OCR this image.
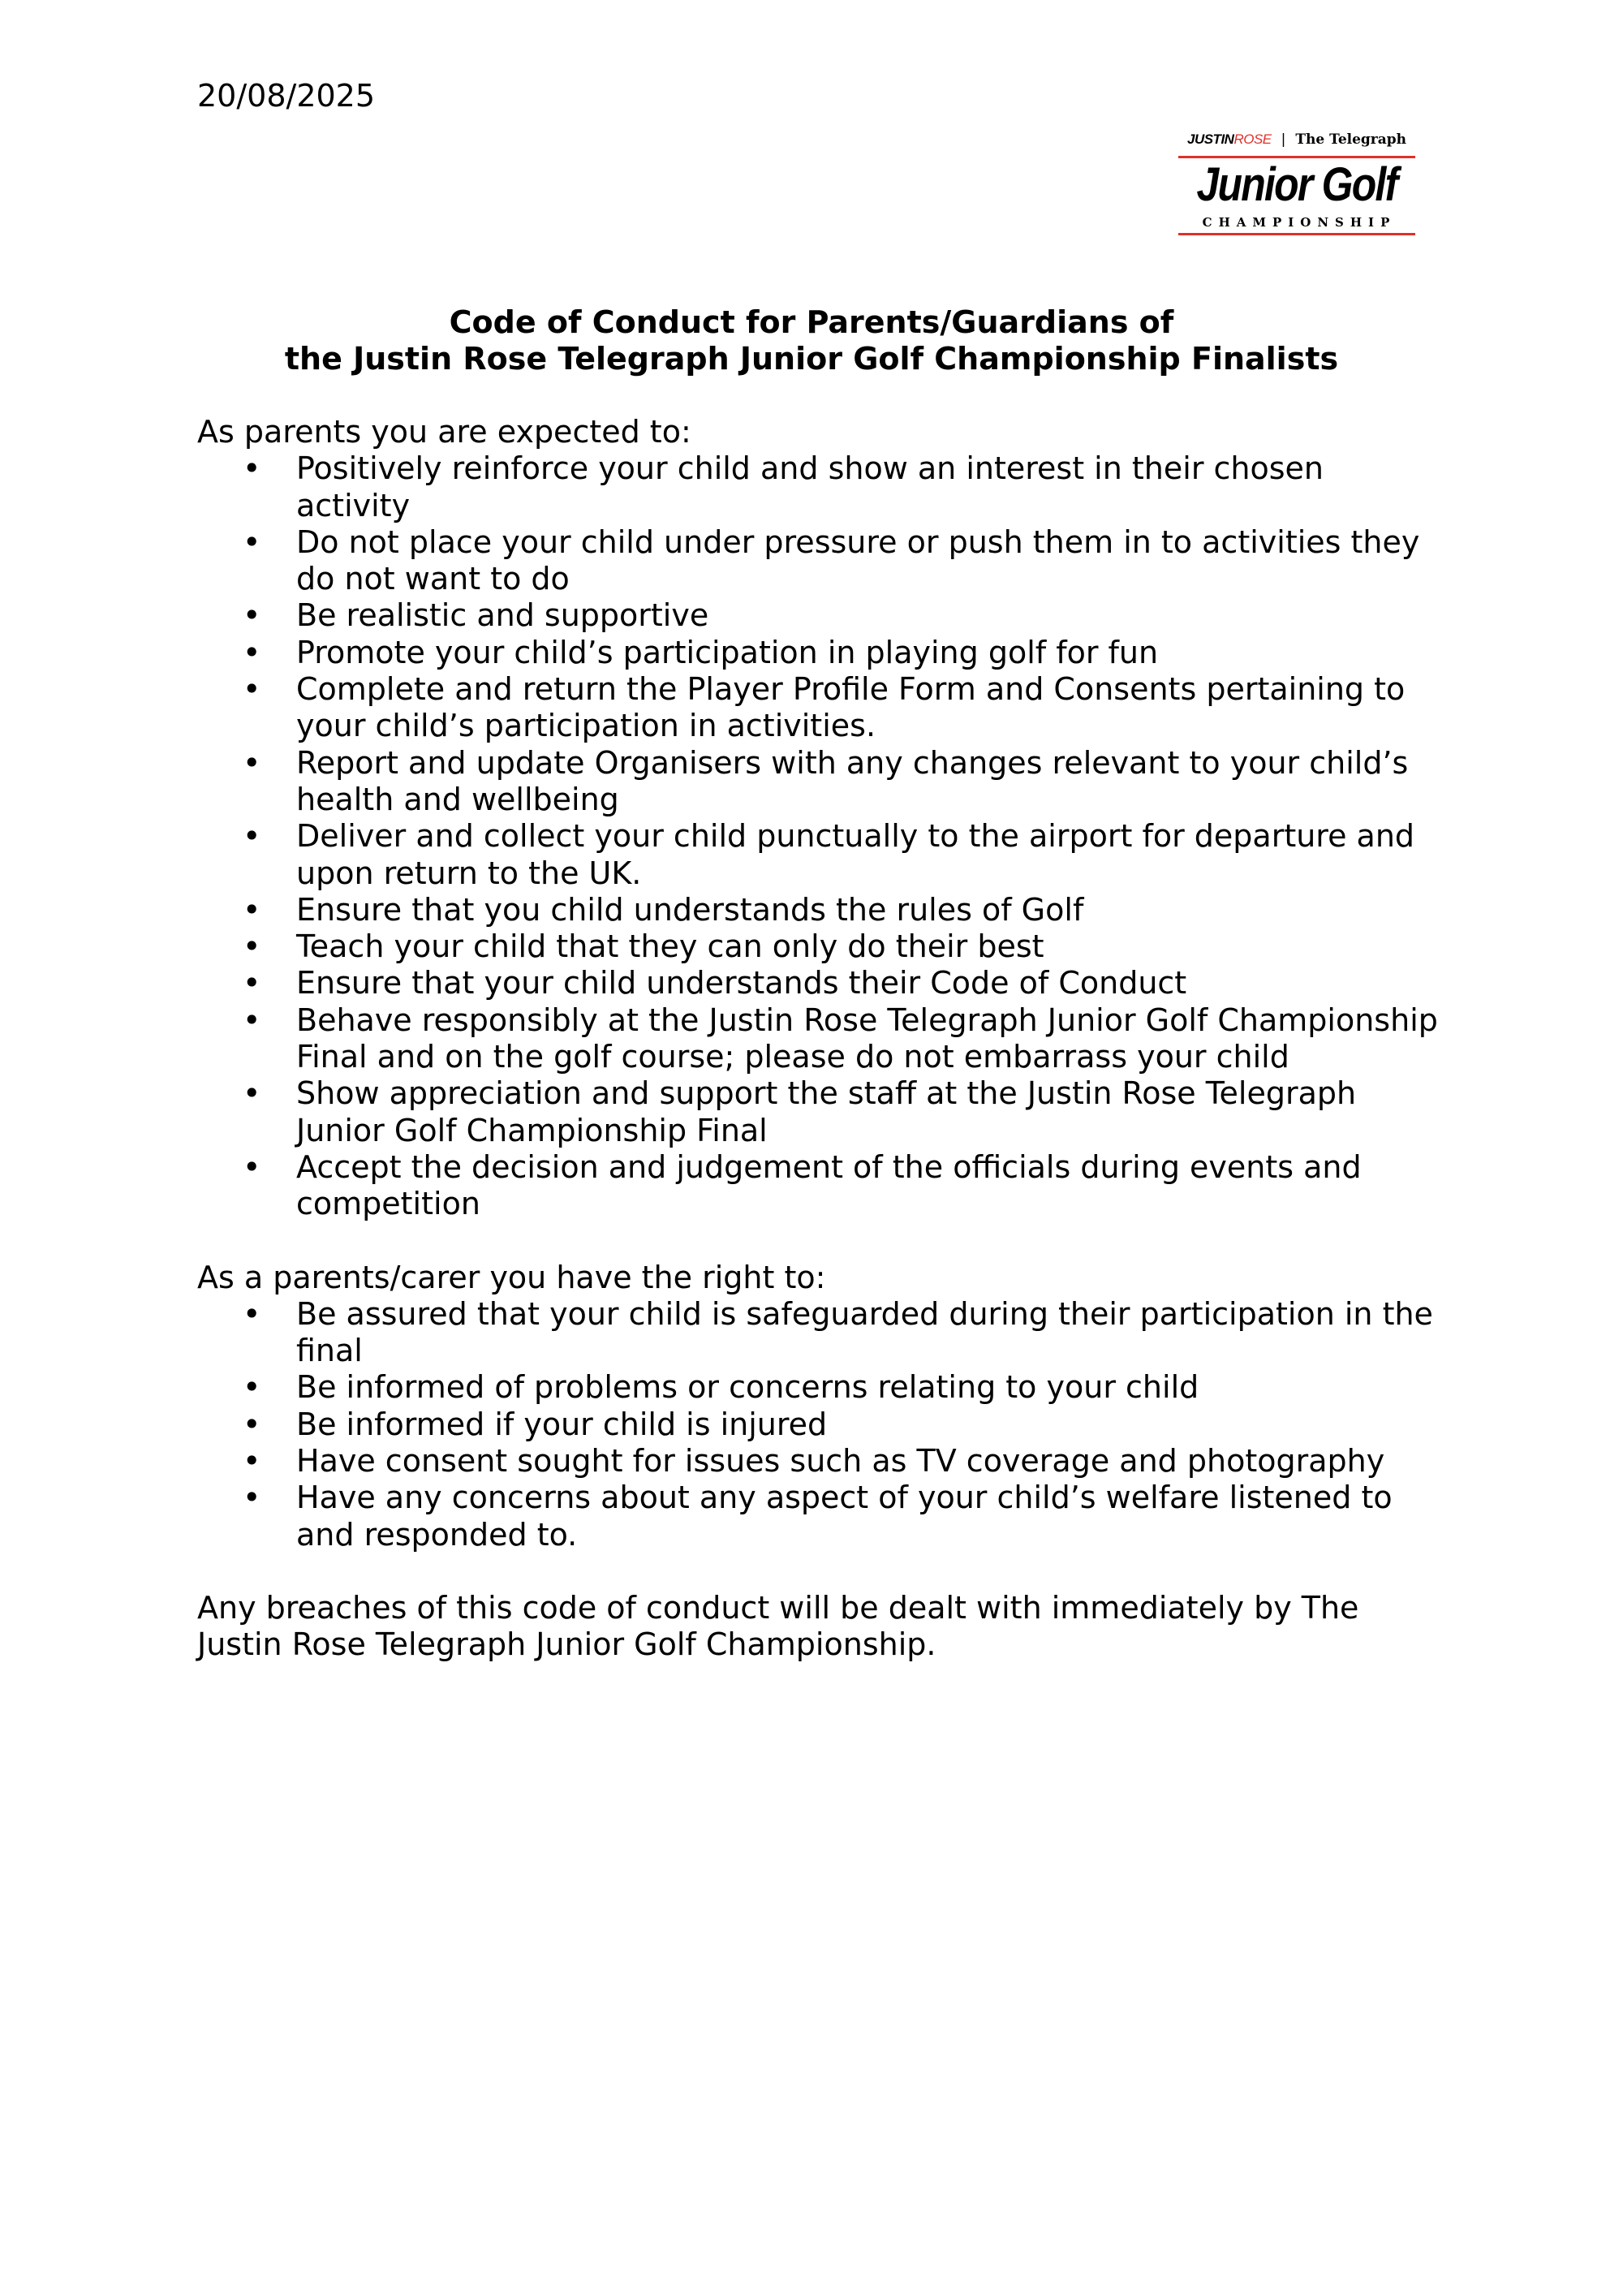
20/08/2025
JUSTINROSE | The Telegraph
Junior Golf
CHAMPIONSHIP
Code of Conduct for Parents/Guardians of
the Justin Rose Telegraph Junior Golf Championship Finalists

As parents you are expected to:

• Positively reinforce your child and show an interest in their chosen activity
• Do not place your child under pressure or push them in to activities they do not want to do
• Be realistic and supportive
• Promote your child’s participation in playing golf for fun
• Complete and return the Player Profile Form and Consents pertaining to your child’s participation in activities.
• Report and update Organisers with any changes relevant to your child’s health and wellbeing
• Deliver and collect your child punctually to the airport for departure and upon return to the UK.
• Ensure that you child understands the rules of Golf
• Teach your child that they can only do their best
• Ensure that your child understands their Code of Conduct
• Behave responsibly at the Justin Rose Telegraph Junior Golf Championship Final and on the golf course; please do not embarrass your child
• Show appreciation and support the staff at the Justin Rose Telegraph Junior Golf Championship Final
• Accept the decision and judgement of the officials during events and competition

As a parents/carer you have the right to:

• Be assured that your child is safeguarded during their participation in the final
• Be informed of problems or concerns relating to your child
• Be informed if your child is injured
• Have consent sought for issues such as TV coverage and photography
• Have any concerns about any aspect of your child’s welfare listened to and responded to.

Any breaches of this code of conduct will be dealt with immediately by The Justin Rose Telegraph Junior Golf Championship.
